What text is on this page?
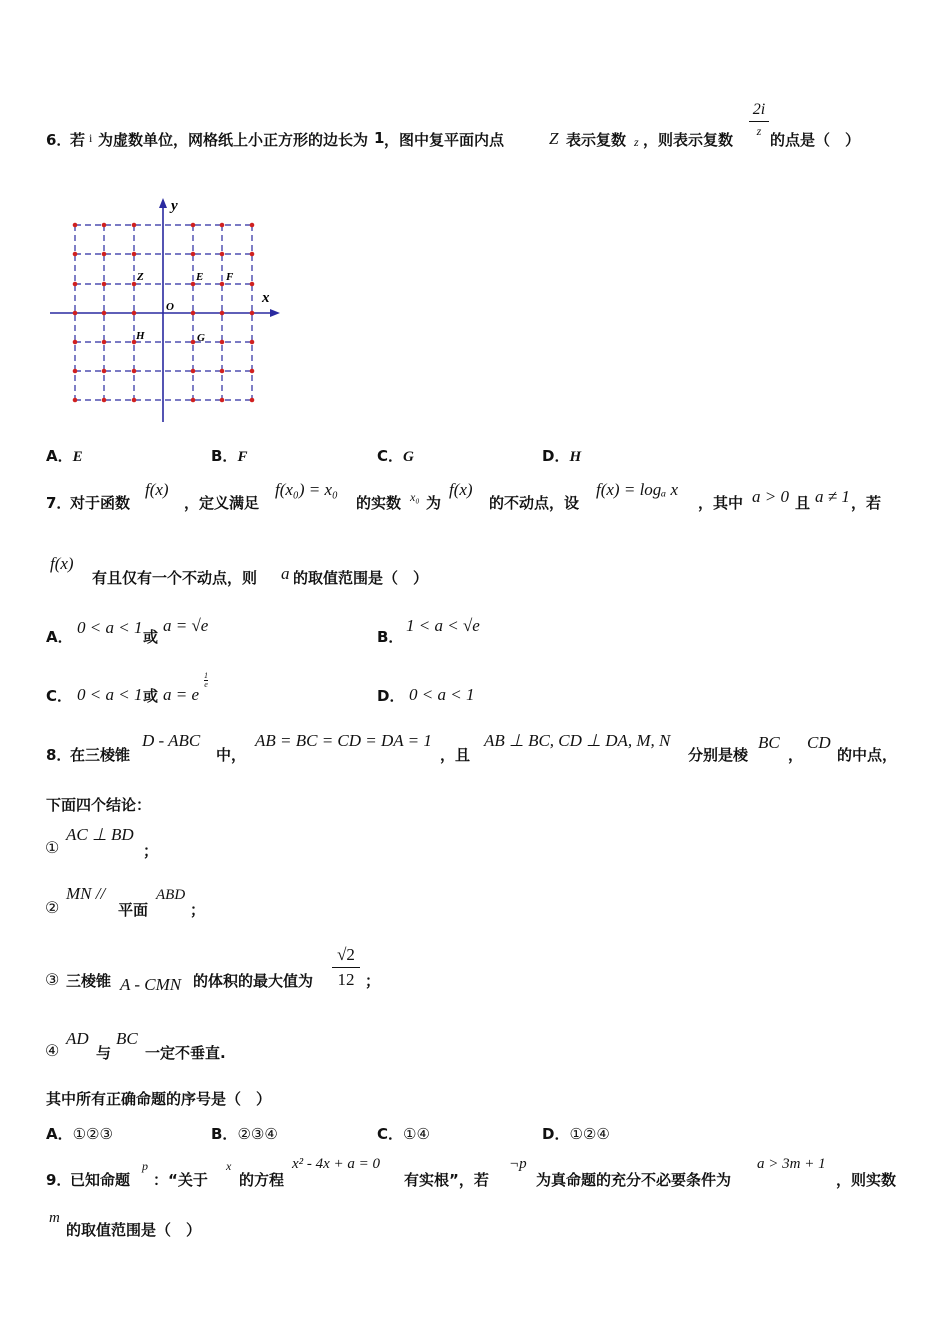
6．
若 i 为虚数单位，网格纸上小正方形的边长为 1 ，图中复平面内点	Z 表示复数 z ，则表示复数
2i
z 的点是（　）
y
x
O
Z	E F
H	G
A．E	B．F	C．G	D．H
7．
对于函数
f(x)
，定义满足
f(x₀) = x₀
的实数 x₀ 为
f(x)
的不动点，设
f(x) = logₐ x
，其中 a > 0 且 a ≠ 1 ，若
f(x)
有且仅有一个不动点，则 a 的取值范围是（　）
A． 0 < a < 1 或
a = √e
B．
1 < a < √e
C． 0 < a < 1 或 a = e
$\frac{1}{e}$
D． 0 < a < 1
8．
在三棱锥
D - ABC
中，
AB = BC = CD = DA = 1
，且
AB ⊥ BC, CD ⊥ DA, M, N
分别是棱
BC
，
CD
的中点，
下面四个结论：
①
AC ⊥ BD
；
②
MN //
平面
ABD
；
③ 三棱锥 A - CMN 的体积的最大值为
√2
12 ；
④
AD
与
BC
一定不垂直.
其中所有正确命题的序号是（　）
A．①②③	B．②③④	C．①④	D．①②④
9．
已知命题
p
：“关于
x
的方程
x² - 4x + a = 0
有实根”，若
¬p
为真命题的充分不必要条件为
a > 3m + 1
，则实数
m
的取值范围是（　）
